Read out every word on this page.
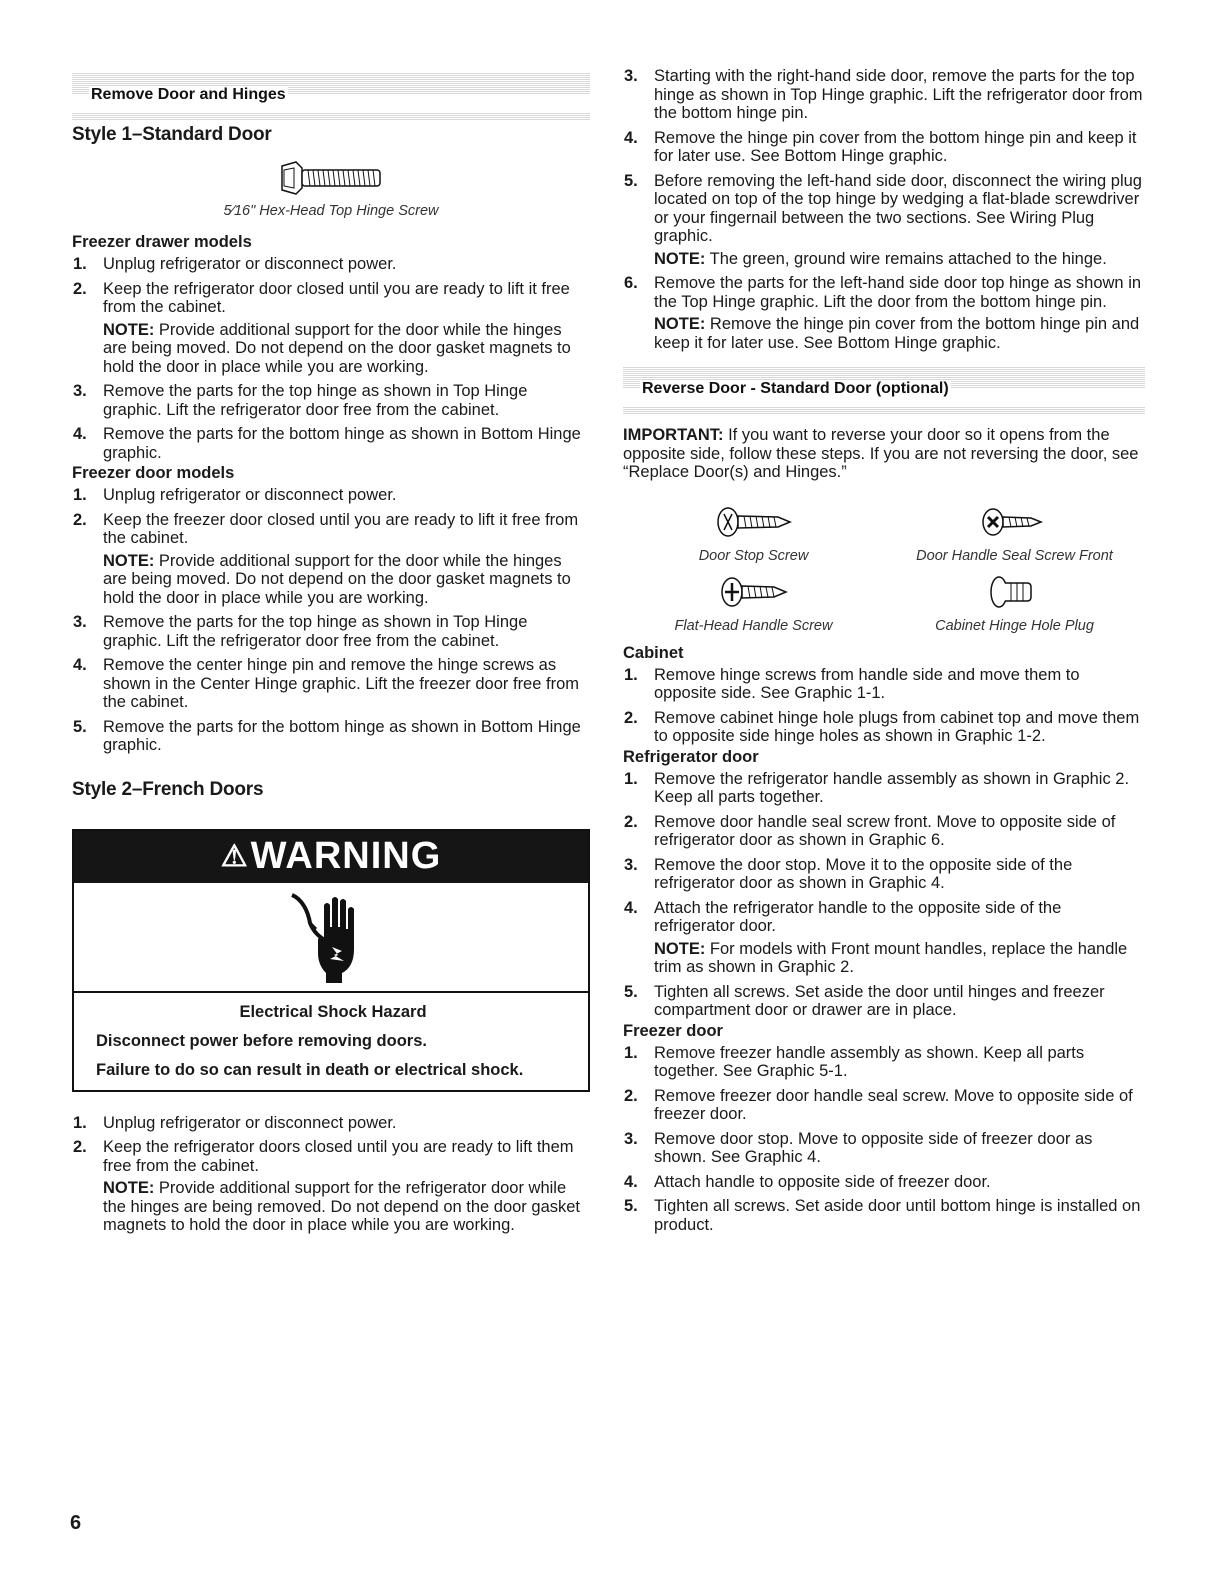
Remove Door and Hinges
Style 1–Standard Door
5⁄16" Hex-Head Top Hinge Screw
Freezer drawer models
1. Unplug refrigerator or disconnect power.
2. Keep the refrigerator door closed until you are ready to lift it free from the cabinet.
NOTE: Provide additional support for the door while the hinges are being moved. Do not depend on the door gasket magnets to hold the door in place while you are working.
3. Remove the parts for the top hinge as shown in Top Hinge graphic. Lift the refrigerator door free from the cabinet.
4. Remove the parts for the bottom hinge as shown in Bottom Hinge graphic.
Freezer door models
1. Unplug refrigerator or disconnect power.
2. Keep the freezer door closed until you are ready to lift it free from the cabinet.
NOTE: Provide additional support for the door while the hinges are being moved. Do not depend on the door gasket magnets to hold the door in place while you are working.
3. Remove the parts for the top hinge as shown in Top Hinge graphic. Lift the refrigerator door free from the cabinet.
4. Remove the center hinge pin and remove the hinge screws as shown in the Center Hinge graphic. Lift the freezer door free from the cabinet.
5. Remove the parts for the bottom hinge as shown in Bottom Hinge graphic.
Style 2–French Doors
⚠ WARNING
Electrical Shock Hazard
Disconnect power before removing doors.
Failure to do so can result in death or electrical shock.
1. Unplug refrigerator or disconnect power.
2. Keep the refrigerator doors closed until you are ready to lift them free from the cabinet.
NOTE: Provide additional support for the refrigerator door while the hinges are being removed. Do not depend on the door gasket magnets to hold the door in place while you are working.
3. Starting with the right-hand side door, remove the parts for the top hinge as shown in Top Hinge graphic. Lift the refrigerator door from the bottom hinge pin.
4. Remove the hinge pin cover from the bottom hinge pin and keep it for later use. See Bottom Hinge graphic.
5. Before removing the left-hand side door, disconnect the wiring plug located on top of the top hinge by wedging a flat-blade screwdriver or your fingernail between the two sections. See Wiring Plug graphic.
NOTE: The green, ground wire remains attached to the hinge.
6. Remove the parts for the left-hand side door top hinge as shown in the Top Hinge graphic. Lift the door from the bottom hinge pin.
NOTE: Remove the hinge pin cover from the bottom hinge pin and keep it for later use. See Bottom Hinge graphic.
Reverse Door - Standard Door (optional)

IMPORTANT: If you want to reverse your door so it opens from the opposite side, follow these steps. If you are not reversing the door, see “Replace Door(s) and Hinges.”

Door Stop Screw	Door Handle Seal Screw Front
Flat-Head Handle Screw	Cabinet Hinge Hole Plug
Cabinet
1. Remove hinge screws from handle side and move them to opposite side. See Graphic 1-1.
2. Remove cabinet hinge hole plugs from cabinet top and move them to opposite side hinge holes as shown in Graphic 1-2.
Refrigerator door
1. Remove the refrigerator handle assembly as shown in Graphic 2. Keep all parts together.
2. Remove door handle seal screw front. Move to opposite side of refrigerator door as shown in Graphic 6.
3. Remove the door stop. Move it to the opposite side of the refrigerator door as shown in Graphic 4.
4. Attach the refrigerator handle to the opposite side of the refrigerator door.
NOTE: For models with Front mount handles, replace the handle trim as shown in Graphic 2.
5. Tighten all screws. Set aside the door until hinges and freezer compartment door or drawer are in place.
Freezer door
1. Remove freezer handle assembly as shown. Keep all parts together. See Graphic 5-1.
2. Remove freezer door handle seal screw. Move to opposite side of freezer door.
3. Remove door stop. Move to opposite side of freezer door as shown. See Graphic 4.
4. Attach handle to opposite side of freezer door.
5. Tighten all screws. Set aside door until bottom hinge is installed on product.
6
